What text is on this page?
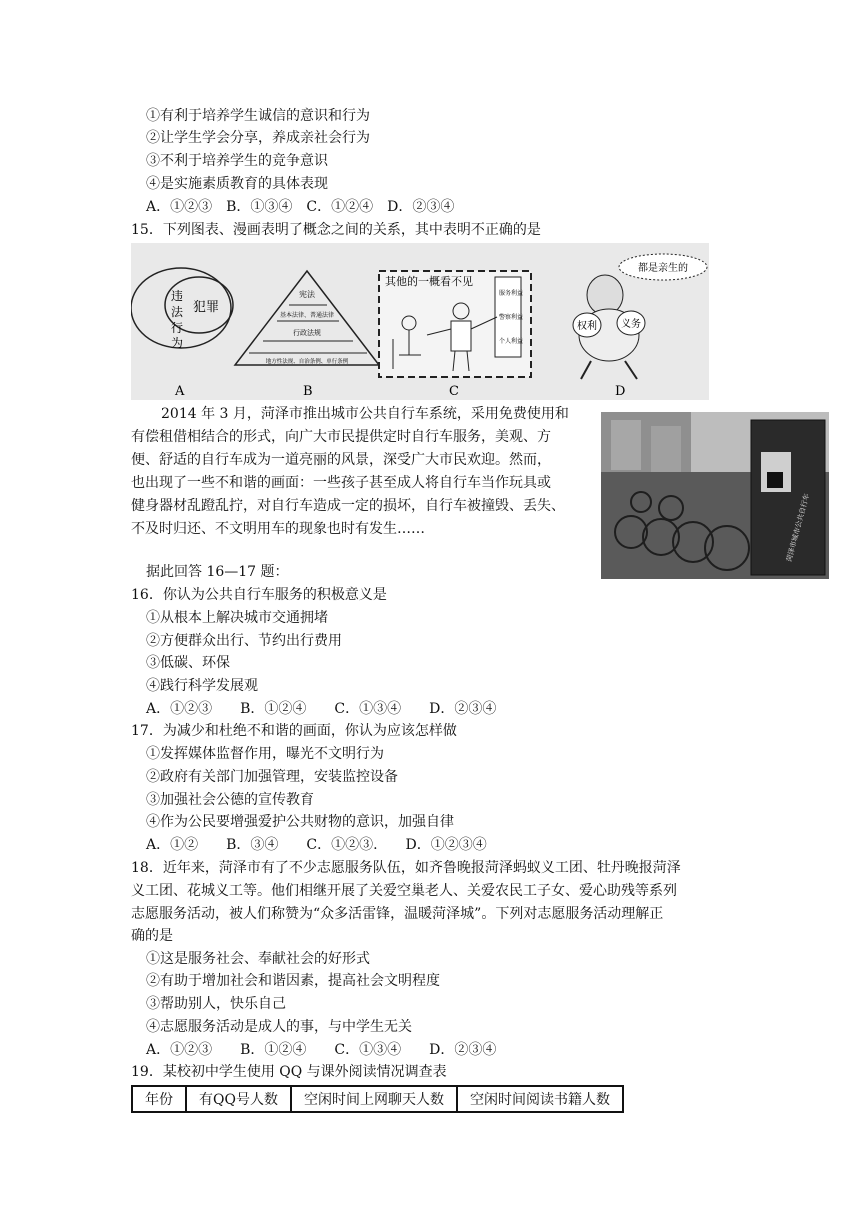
①有利于培养学生诚信的意识和行为
②让学生学会分享，养成亲社会行为
③不利于培养学生的竞争意识
④是实施素质教育的具体表现
A．①②③　B．①③④　C．①②④　D．②③④
15．下列图表、漫画表明了概念之间的关系，其中表明不正确的是
违
法
行
为
犯罪
A
宪法
基本法律、普通法律
行政法规
地方性法规、自治条例、单行条例
B
其他的一概看不见
服务利益
警察利益
个人利益
C
都是亲生的
权利 义务
D
2014 年 3 月，菏泽市推出城市公共自行车系统，采用免费使用和
有偿租借相结合的形式，向广大市民提供定时自行车服务，美观、方
便、舒适的自行车成为一道亮丽的风景，深受广大市民欢迎。然而，
也出现了一些不和谐的画面：一些孩子甚至成人将自行车当作玩具或
健身器材乱蹬乱拧，对自行车造成一定的损坏，自行车被撞毁、丢失、
不及时归还、不文明用车的现象也时有发生……	菏泽市城市公共自行车
据此回答 16—17 题：
16．你认为公共自行车服务的积极意义是
①从根本上解决城市交通拥堵
②方便群众出行、节约出行费用
③低碳、环保
④践行科学发展观
A．①②③　　B．①②④　　C．①③④　　D．②③④
17．为减少和杜绝不和谐的画面，你认为应该怎样做
①发挥媒体监督作用，曝光不文明行为
②政府有关部门加强管理，安装监控设备
③加强社会公德的宣传教育
④作为公民要增强爱护公共财物的意识，加强自律
A．①②　　B．③④　　C．①②③.　　D．①②③④
18．近年来，菏泽市有了不少志愿服务队伍，如齐鲁晚报菏泽蚂蚁义工团、牡丹晚报菏泽
义工团、花城义工等。他们相继开展了关爱空巢老人、关爱农民工子女、爱心助残等系列
志愿服务活动，被人们称赞为“众多活雷锋，温暖菏泽城”。下列对志愿服务活动理解正
确的是
①这是服务社会、奉献社会的好形式
②有助于增加社会和谐因素，提高社会文明程度
③帮助别人，快乐自己
④志愿服务活动是成人的事，与中学生无关
A．①②③　　B．①②④　　C．①③④　　D．②③④
19．某校初中学生使用 QQ 与课外阅读情况调查表
年份	有QQ号人数	空闲时间上网聊天人数	空闲时间阅读书籍人数
